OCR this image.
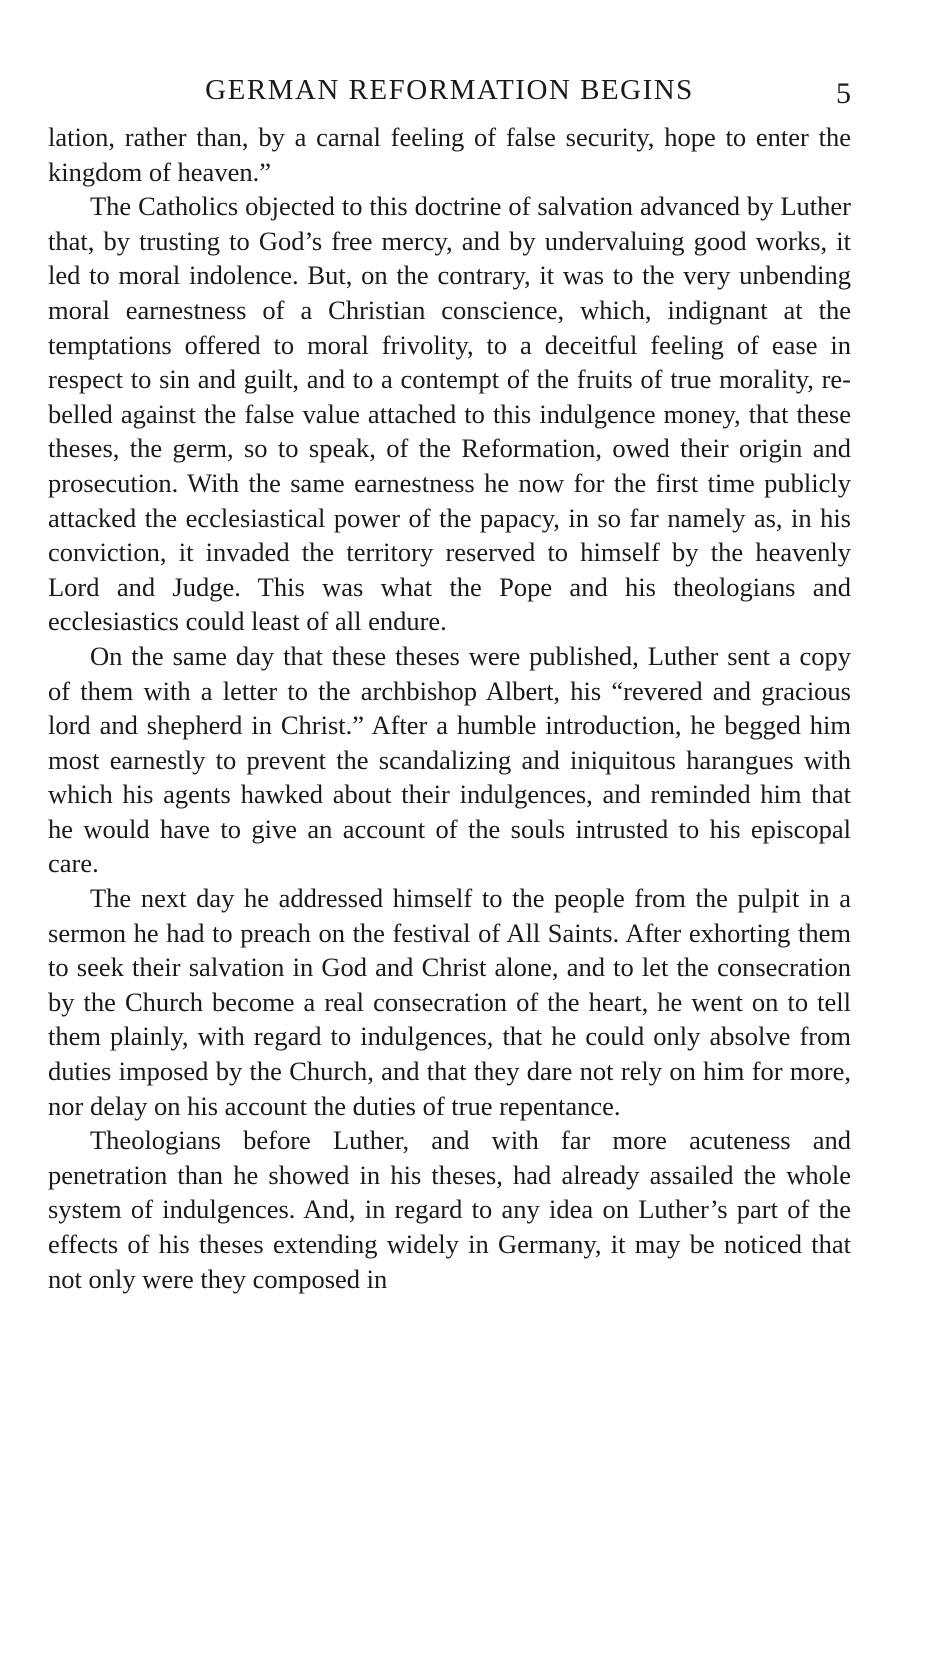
GERMAN REFORMATION BEGINS	5

lation, rather than, by a carnal feeling of false security, hope to enter the kingdom of heaven.”

The Catholics objected to this doctrine of salvation advanced by Luther that, by trusting to God’s free mercy, and by undervaluing good works, it led to moral indolence. But, on the contrary, it was to the very unbending moral earnestness of a Christian conscience, which, indignant at the temptations offered to moral frivolity, to a deceitful feeling of ease in respect to sin and guilt, and to a contempt of the fruits of true morality, rebelled against the false value attached to this indulgence money, that these theses, the germ, so to speak, of the Reformation, owed their origin and prosecution. With the same earnestness he now for the first time publicly attacked the ecclesiastical power of the papacy, in so far namely as, in his conviction, it invaded the territory reserved to himself by the heavenly Lord and Judge. This was what the Pope and his theologians and ecclesiastics could least of all endure.

On the same day that these theses were published, Luther sent a copy of them with a letter to the archbishop Albert, his “revered and gracious lord and shepherd in Christ.” After a humble introduction, he begged him most earnestly to prevent the scandalizing and iniquitous harangues with which his agents hawked about their indulgences, and reminded him that he would have to give an account of the souls intrusted to his episcopal care.

The next day he addressed himself to the people from the pulpit in a sermon he had to preach on the festival of All Saints. After exhorting them to seek their salvation in God and Christ alone, and to let the consecration by the Church become a real consecration of the heart, he went on to tell them plainly, with regard to indulgences, that he could only absolve from duties imposed by the Church, and that they dare not rely on him for more, nor delay on his account the duties of true repentance.

Theologians before Luther, and with far more acuteness and penetration than he showed in his theses, had already assailed the whole system of indulgences. And, in regard to any idea on Luther’s part of the effects of his theses extending widely in Germany, it may be noticed that not only were they composed in
